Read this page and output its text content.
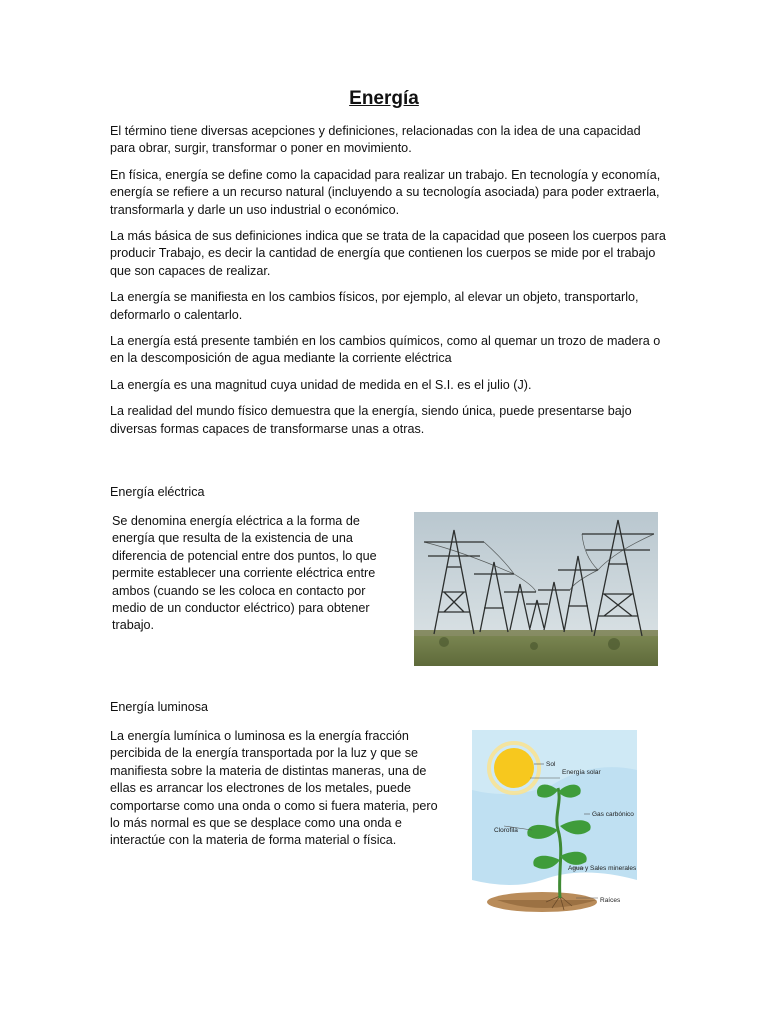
Energía

El término tiene diversas acepciones y definiciones, relacionadas con la idea de una capacidad para obrar, surgir, transformar o poner en movimiento.

En física, energía se define como la capacidad para realizar un trabajo. En tecnología y economía, energía se refiere a un recurso natural (incluyendo a su tecnología asociada) para poder extraerla, transformarla y darle un uso industrial o económico.

La más básica de sus definiciones indica que se trata de la capacidad que poseen los cuerpos para producir Trabajo, es decir la cantidad de energía que contienen los cuerpos se mide por el trabajo que son capaces de realizar.

La energía se manifiesta en los cambios físicos, por ejemplo, al elevar un objeto, transportarlo, deformarlo o calentarlo.

La energía está presente también en los cambios químicos, como al quemar un trozo de madera o en la descomposición de agua mediante la corriente eléctrica

La energía es una magnitud cuya unidad de medida en el S.I. es el julio (J).

La realidad del mundo físico demuestra que la energía, siendo única, puede presentarse bajo diversas formas capaces de transformarse unas a otras.

Energía eléctrica

Se denomina energía eléctrica a la forma de energía que resulta de la existencia de una diferencia de potencial entre dos puntos, lo que permite establecer una corriente eléctrica entre ambos (cuando se les coloca en contacto por medio de un conductor eléctrico) para obtener trabajo.

Energía luminosa

La energía lumínica o luminosa es la energía fracción percibida de la energía transportada por la luz y que se manifiesta sobre la materia de distintas maneras, una de ellas es arrancar los electrones de los metales, puede comportarse como una onda o como si fuera materia, pero lo más normal es que se desplace como una onda e interactúe con la materia de forma material o física.

Sol
Energía solar
Gas carbónico
Clorofila
Agua y Sales minerales
Raíces
